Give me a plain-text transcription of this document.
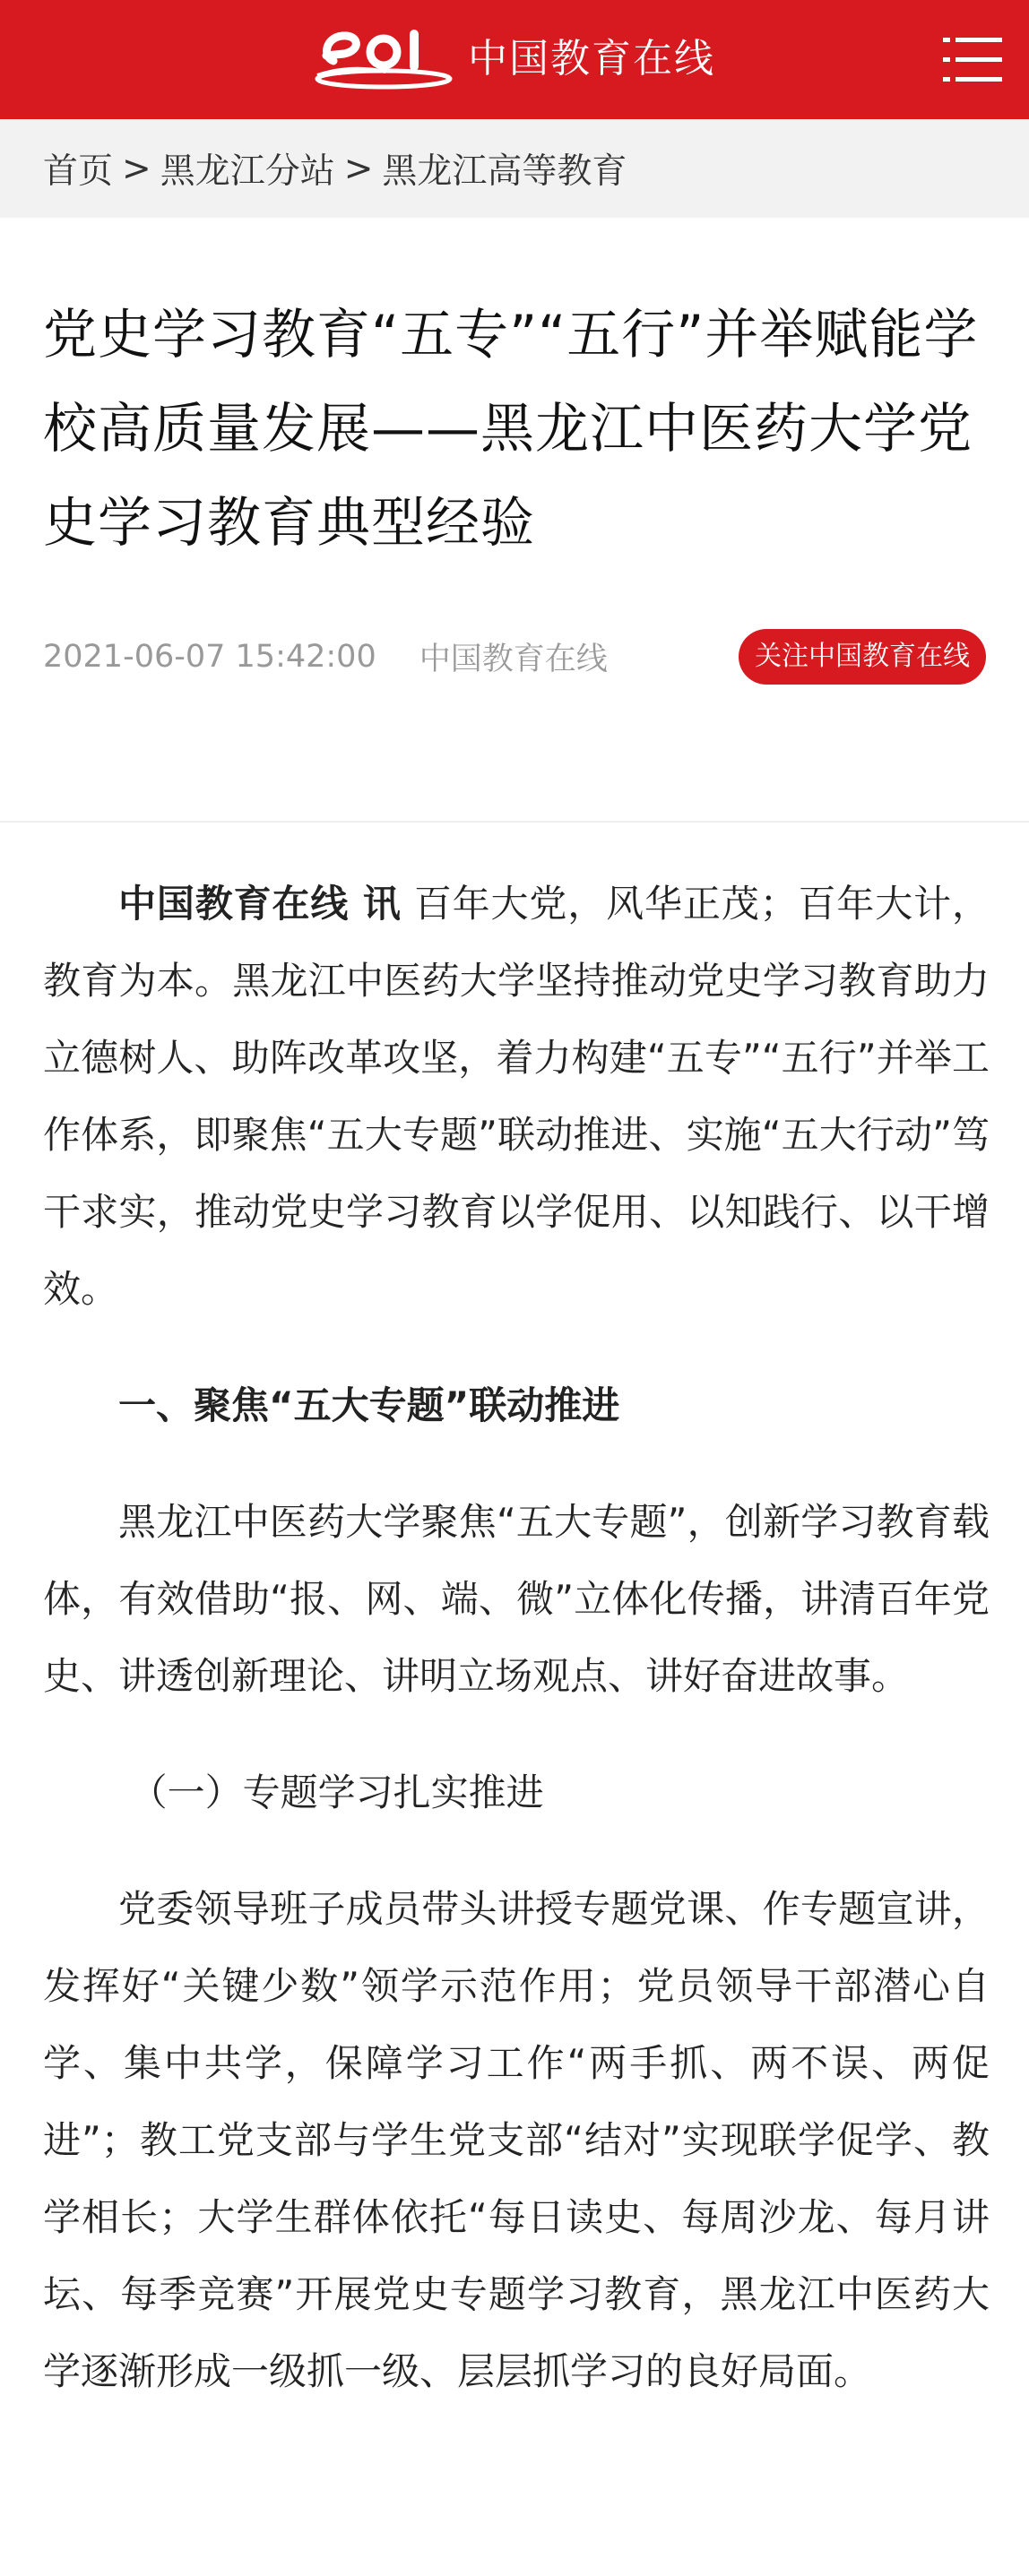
中国教育在线
首页 > 黑龙江分站 > 黑龙江高等教育
党史学习教育“五专”“五行”并举赋能学校高质量发展——黑龙江中医药大学党史学习教育典型经验
2021-06-07 15:42:00 中国教育在线	关注中国教育在线

中国教育在线 讯 百年大党，风华正茂；百年大计，教育为本。黑龙江中医药大学坚持推动党史学习教育助力立德树人、助阵改革攻坚，着力构建“五专”“五行”并举工作体系，即聚焦“五大专题”联动推进、实施“五大行动”笃干求实，推动党史学习教育以学促用、以知践行、以干增效。

一、聚焦“五大专题”联动推进

黑龙江中医药大学聚焦“五大专题”，创新学习教育载体，有效借助“报、网、端、微”立体化传播，讲清百年党史、讲透创新理论、讲明立场观点、讲好奋进故事。

（一）专题学习扎实推进

党委领导班子成员带头讲授专题党课、作专题宣讲，发挥好“关键少数”领学示范作用；党员领导干部潜心自学、集中共学，保障学习工作“两手抓、两不误、两促进”；教工党支部与学生党支部“结对”实现联学促学、教学相长；大学生群体依托“每日读史、每周沙龙、每月讲坛、每季竞赛”开展党史专题学习教育，黑龙江中医药大学逐渐形成一级抓一级、层层抓学习的良好局面。
